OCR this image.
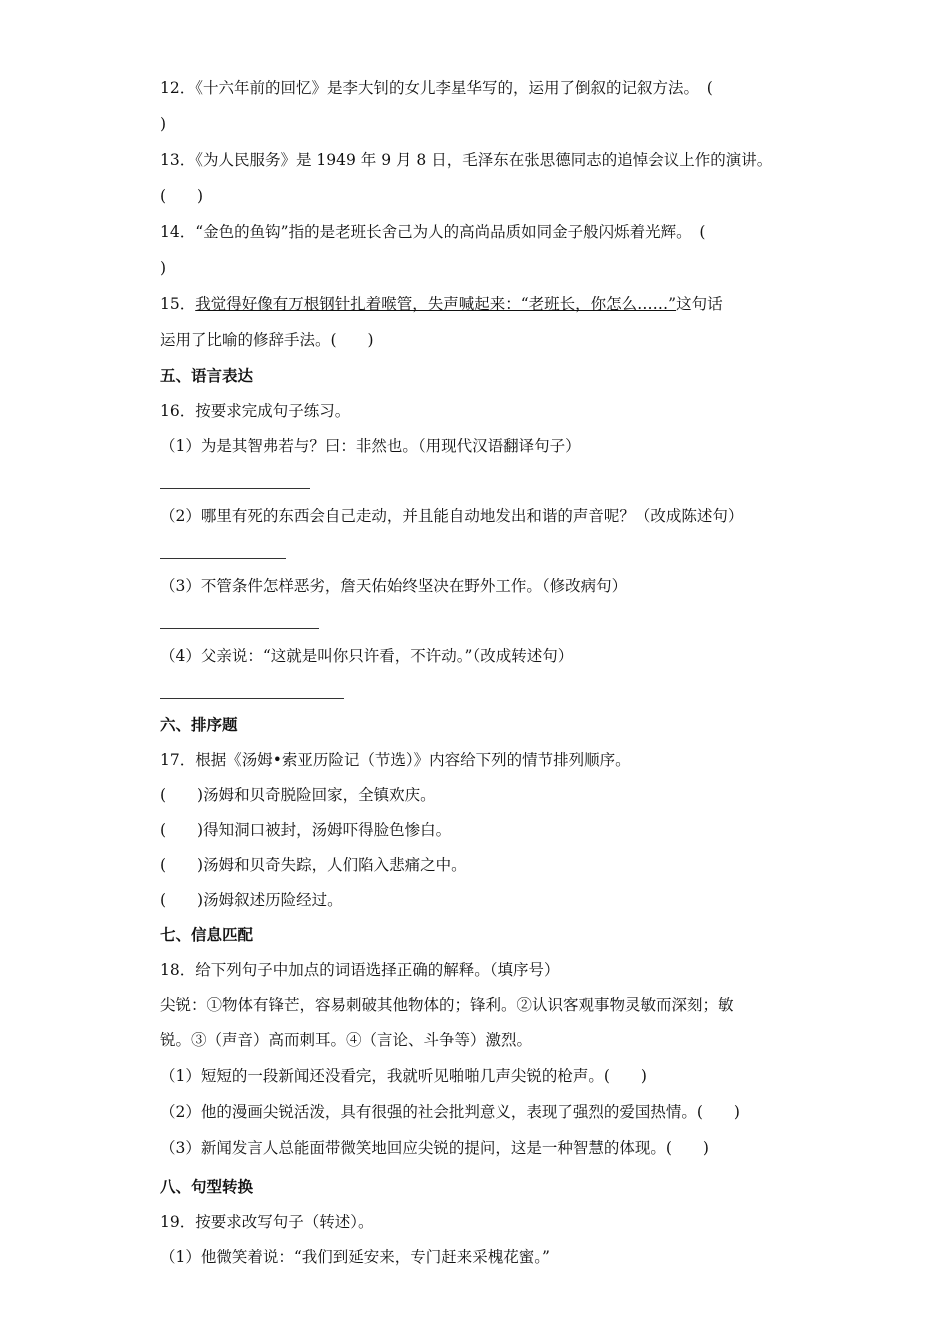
12．《十六年前的回忆》是李大钊的女儿李星华写的，运用了倒叙的记叙方法。　(
)
13．《为人民服务》是 1949 年 9 月 8 日，毛泽东在张思德同志的追悼会议上作的演讲。
(　　)
14．“金色的鱼钩”指的是老班长舍己为人的高尚品质如同金子般闪烁着光辉。　(
)
15．我觉得好像有万根钢针扎着喉管，失声喊起来：“老班长，你怎么……”这句话
运用了比喻的修辞手法。(　　)
五、语言表达
16．按要求完成句子练习。
（1）为是其智弗若与？曰：非然也。（用现代汉语翻译句子）
（2）哪里有死的东西会自己走动，并且能自动地发出和谐的声音呢？（改成陈述句）
（3）不管条件怎样恶劣，詹天佑始终坚决在野外工作。（修改病句）
（4）父亲说：“这就是叫你只许看，不许动。”（改成转述句）
六、排序题
17．根据《汤姆•索亚历险记（节选）》内容给下列的情节排列顺序。
(　　)汤姆和贝奇脱险回家，全镇欢庆。
(　　)得知洞口被封，汤姆吓得脸色惨白。
(　　)汤姆和贝奇失踪，人们陷入悲痛之中。
(　　)汤姆叙述历险经过。
七、信息匹配
18．给下列句子中加点的词语选择正确的解释。（填序号）
尖锐：①物体有锋芒，容易刺破其他物体的；锋利。②认识客观事物灵敏而深刻；敏
锐。③（声音）高而刺耳。④（言论、斗争等）激烈。
（1）短短的一段新闻还没看完，我就听见啪啪几声尖锐的枪声。(　　)
（2）他的漫画尖锐活泼，具有很强的社会批判意义，表现了强烈的爱国热情。(　　)
（3）新闻发言人总能面带微笑地回应尖锐的提问，这是一种智慧的体现。(　　)
八、句型转换
19．按要求改写句子（转述）。
（1）他微笑着说：“我们到延安来，专门赶来采槐花蜜。”
